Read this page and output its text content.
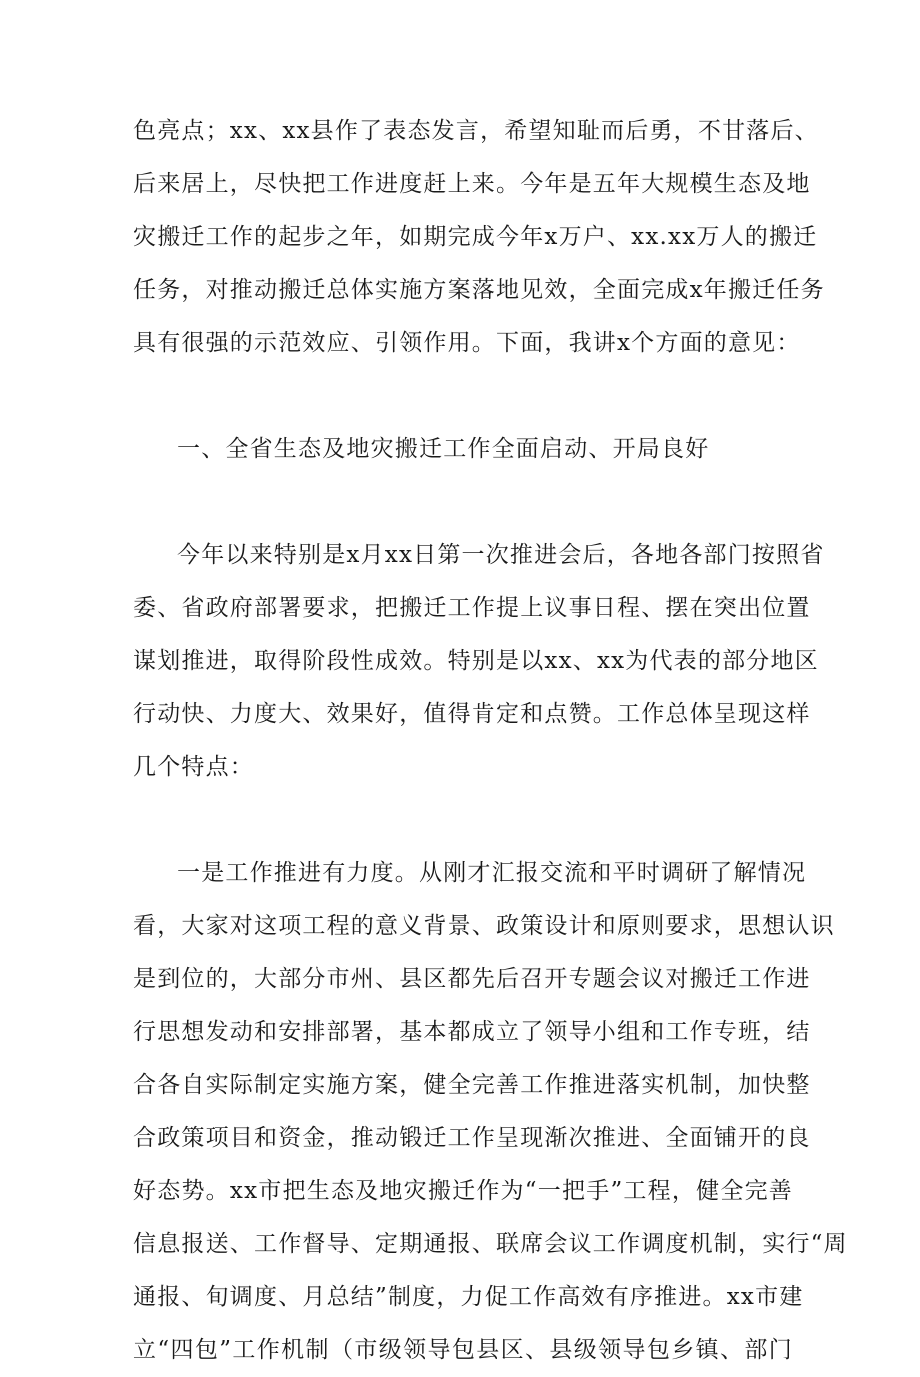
色亮点；xx、xx县作了表态发言，希望知耻而后勇，不甘落后、
后来居上，尽快把工作进度赶上来。今年是五年大规模生态及地
灾搬迁工作的起步之年，如期完成今年x万户、xx.xx万人的搬迁
任务，对推动搬迁总体实施方案落地见效，全面完成x年搬迁任务
具有很强的示范效应、引领作用。下面，我讲x个方面的意见：
一、全省生态及地灾搬迁工作全面启动、开局良好
今年以来特别是x月xx日第一次推进会后，各地各部门按照省
委、省政府部署要求，把搬迁工作提上议事日程、摆在突出位置
谋划推进，取得阶段性成效。特别是以xx、xx为代表的部分地区
行动快、力度大、效果好，值得肯定和点赞。工作总体呈现这样
几个特点：
一是工作推进有力度。从刚才汇报交流和平时调研了解情况
看，大家对这项工程的意义背景、政策设计和原则要求，思想认识
是到位的，大部分市州、县区都先后召开专题会议对搬迁工作进
行思想发动和安排部署，基本都成立了领导小组和工作专班，结
合各自实际制定实施方案，健全完善工作推进落实机制，加快整
合政策项目和资金，推动锻迁工作呈现渐次推进、全面铺开的良
好态势。xx市把生态及地灾搬迁作为“一把手”工程，健全完善
信息报送、工作督导、定期通报、联席会议工作调度机制，实行“周
通报、旬调度、月总结”制度，力促工作高效有序推进。xx市建
立“四包”工作机制（市级领导包县区、县级领导包乡镇、部门
